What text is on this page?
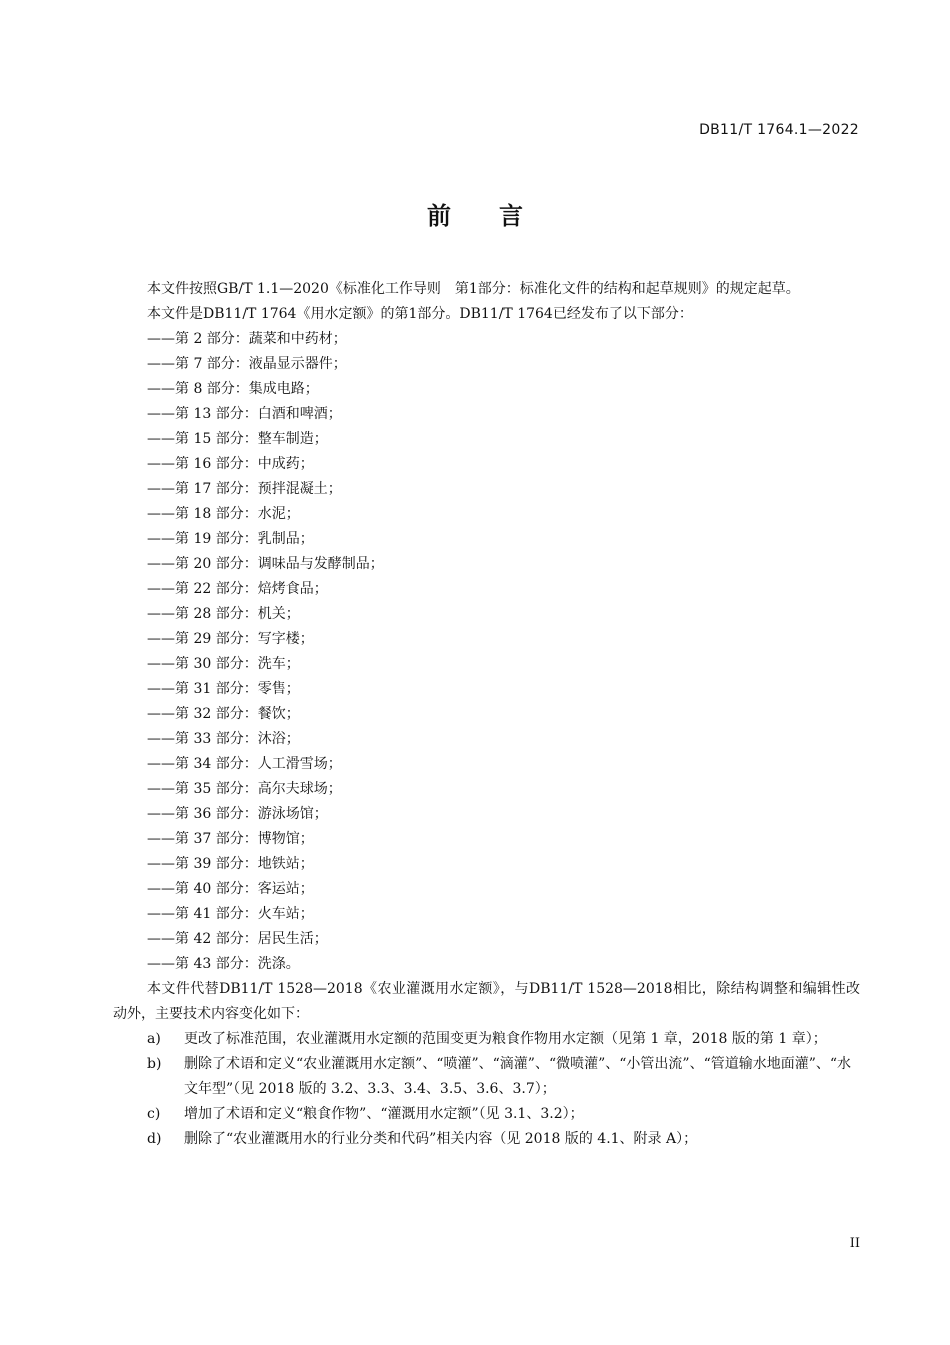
DB11/T 1764.1—2022
前言
本文件按照GB/T 1.1—2020《标准化工作导则　第1部分：标准化文件的结构和起草规则》的规定起草。
本文件是DB11/T 1764《用水定额》的第1部分。DB11/T 1764已经发布了以下部分：
——第 2 部分：蔬菜和中药材；
——第 7 部分：液晶显示器件；
——第 8 部分：集成电路；
——第 13 部分：白酒和啤酒；
——第 15 部分：整车制造；
——第 16 部分：中成药；
——第 17 部分：预拌混凝土；
——第 18 部分：水泥；
——第 19 部分：乳制品；
——第 20 部分：调味品与发酵制品；
——第 22 部分：焙烤食品；
——第 28 部分：机关；
——第 29 部分：写字楼；
——第 30 部分：洗车；
——第 31 部分：零售；
——第 32 部分：餐饮；
——第 33 部分：沐浴；
——第 34 部分：人工滑雪场；
——第 35 部分：高尔夫球场；
——第 36 部分：游泳场馆；
——第 37 部分：博物馆；
——第 39 部分：地铁站；
——第 40 部分：客运站；
——第 41 部分：火车站；
——第 42 部分：居民生活；
——第 43 部分：洗涤。
本文件代替DB11/T 1528—2018《农业灌溉用水定额》，与DB11/T 1528—2018相比，除结构调整和编辑性改动外，主要技术内容变化如下：
a)	更改了标准范围，农业灌溉用水定额的范围变更为粮食作物用水定额（见第 1 章，2018 版的第 1 章）；
b)	删除了术语和定义“农业灌溉用水定额”、“喷灌”、“滴灌”、“微喷灌”、“小管出流”、“管道输水地面灌”、“水文年型”（见 2018 版的 3.2、3.3、3.4、3.5、3.6、3.7）；
c)	增加了术语和定义“粮食作物”、“灌溉用水定额”（见 3.1、3.2）；
d)	删除了“农业灌溉用水的行业分类和代码”相关内容（见 2018 版的 4.1、附录 A）；
II
